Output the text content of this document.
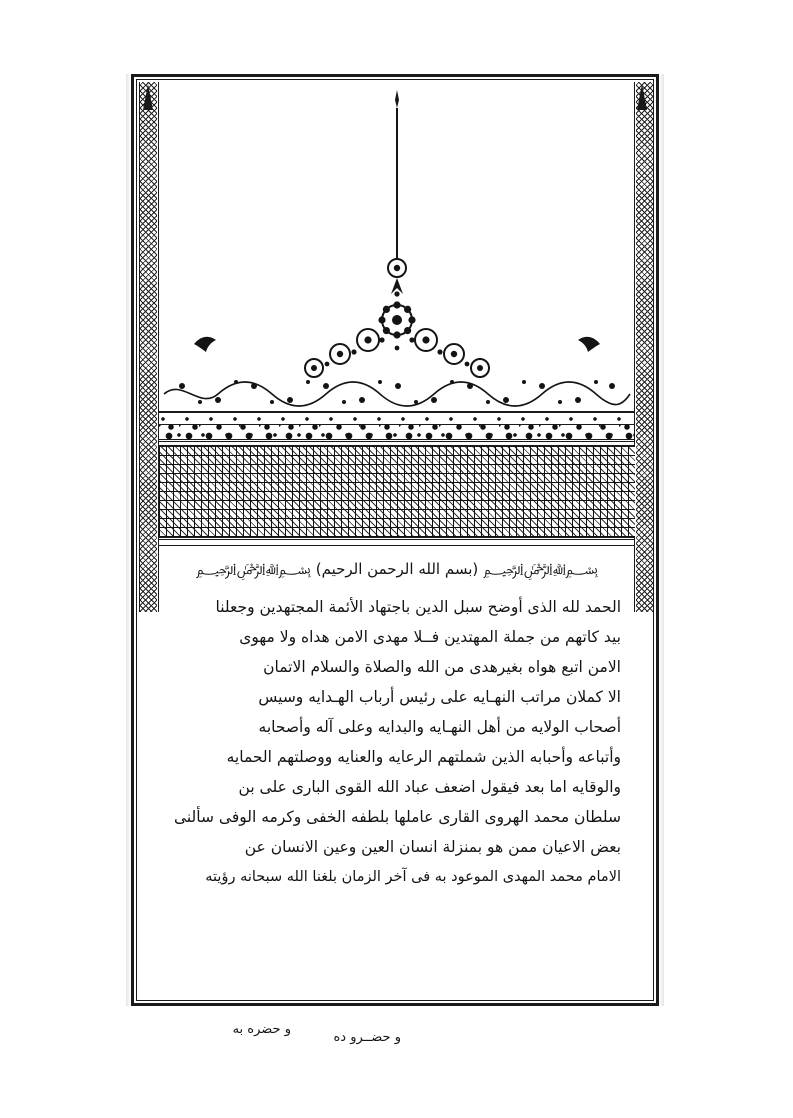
﷽ (بسم الله الرحمن الرحيم) ﷽
الحمد لله الذى أوضح سبل الدين باجتهاد الأئمة المجتهدين وجعلنا
بيد كاتهم من جملة المهتدين فــلا مهدى الامن هداه ولا مهوى
الامن اتبع هواه بغيرهدى من الله والصلاة والسلام الاتمان
الا كملان مراتب النهـايه على رئيس أرباب الهـدايه وسيس
أصحاب الولايه من أهل النهـايه والبدايه وعلى آله وأصحابه
وأتباعه وأحبابه الذين شملتهم الرعايه والعنايه ووصلتهم الحمايه
والوقايه اما بعد فيقول اضعف عباد الله القوى البارى على بن
سلطان محمد الهروى القارى عاملها بلطفه الخفى وكرمه الوفى سألنى
بعض الاعيان ممن هو بمنزلة انسان العين وعين الانسان عن
الامام محمد المهدى الموعود به فى آخر الزمان بلغنا الله سبحانه رؤيته
و حضره به
و حضــرو ده
